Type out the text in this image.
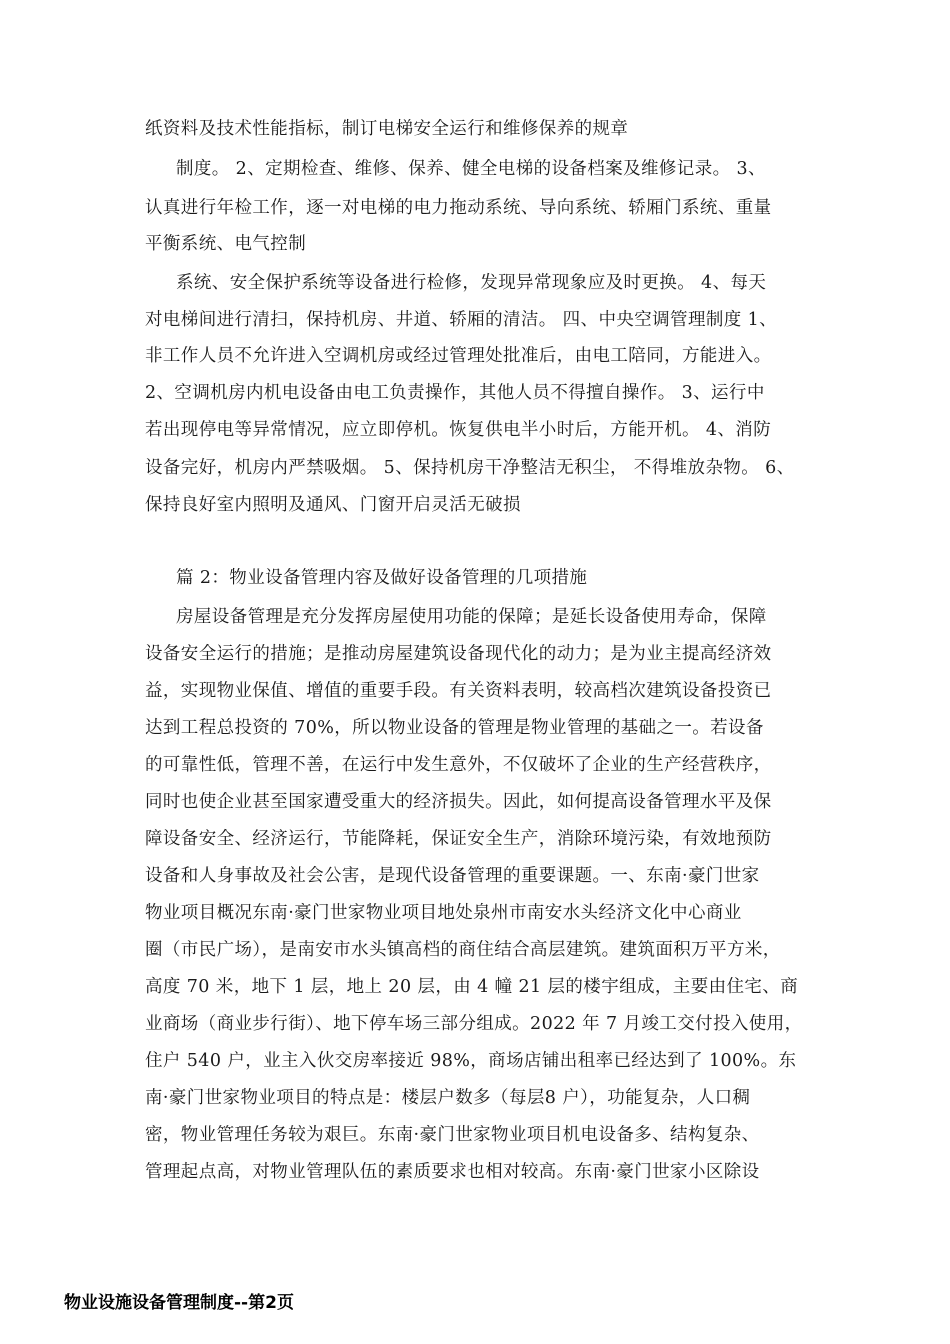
纸资料及技术性能指标，制订电梯安全运行和维修保养的规章
制度。 2、定期检查、维修、保养、健全电梯的设备档案及维修记录。 3、
认真进行年检工作，逐一对电梯的电力拖动系统、导向系统、轿厢门系统、重量
平衡系统、电气控制
系统、安全保护系统等设备进行检修，发现异常现象应及时更换。 4、每天
对电梯间进行清扫，保持机房、井道、轿厢的清洁。 四、中央空调管理制度 1、
非工作人员不允许进入空调机房或经过管理处批准后，由电工陪同，方能进入。
2、空调机房内机电设备由电工负责操作，其他人员不得擅自操作。 3、运行中
若出现停电等异常情况，应立即停机。恢复供电半小时后，方能开机。 4、消防
设备完好，机房内严禁吸烟。 5、保持机房干净整洁无积尘， 不得堆放杂物。 6、
保持良好室内照明及通风、门窗开启灵活无破损
篇 2：物业设备管理内容及做好设备管理的几项措施
房屋设备管理是充分发挥房屋使用功能的保障；是延长设备使用寿命，保障
设备安全运行的措施；是推动房屋建筑设备现代化的动力；是为业主提高经济效
益，实现物业保值、增值的重要手段。有关资料表明，较高档次建筑设备投资已
达到工程总投资的 70%，所以物业设备的管理是物业管理的基础之一。若设备
的可靠性低，管理不善，在运行中发生意外，不仅破坏了企业的生产经营秩序，
同时也使企业甚至国家遭受重大的经济损失。因此，如何提高设备管理水平及保
障设备安全、经济运行，节能降耗，保证安全生产，消除环境污染，有效地预防
设备和人身事故及社会公害，是现代设备管理的重要课题。一、东南·豪门世家
物业项目概况东南·豪门世家物业项目地处泉州市南安水头经济文化中心商业
圈（市民广场），是南安市水头镇高档的商住结合高层建筑。建筑面积万平方米，
高度 70 米，地下 1 层，地上 20 层，由 4 幢 21 层的楼宇组成，主要由住宅、商
业商场（商业步行街）、地下停车场三部分组成。2022 年 7 月竣工交付投入使用，
住户 540 户，业主入伙交房率接近 98%，商场店铺出租率已经达到了 100%。东
南·豪门世家物业项目的特点是：楼层户数多（每层8 户），功能复杂，人口稠
密，物业管理任务较为艰巨。东南·豪门世家物业项目机电设备多、结构复杂、
管理起点高，对物业管理队伍的素质要求也相对较高。东南·豪门世家小区除设
物业设施设备管理制度--第2页
